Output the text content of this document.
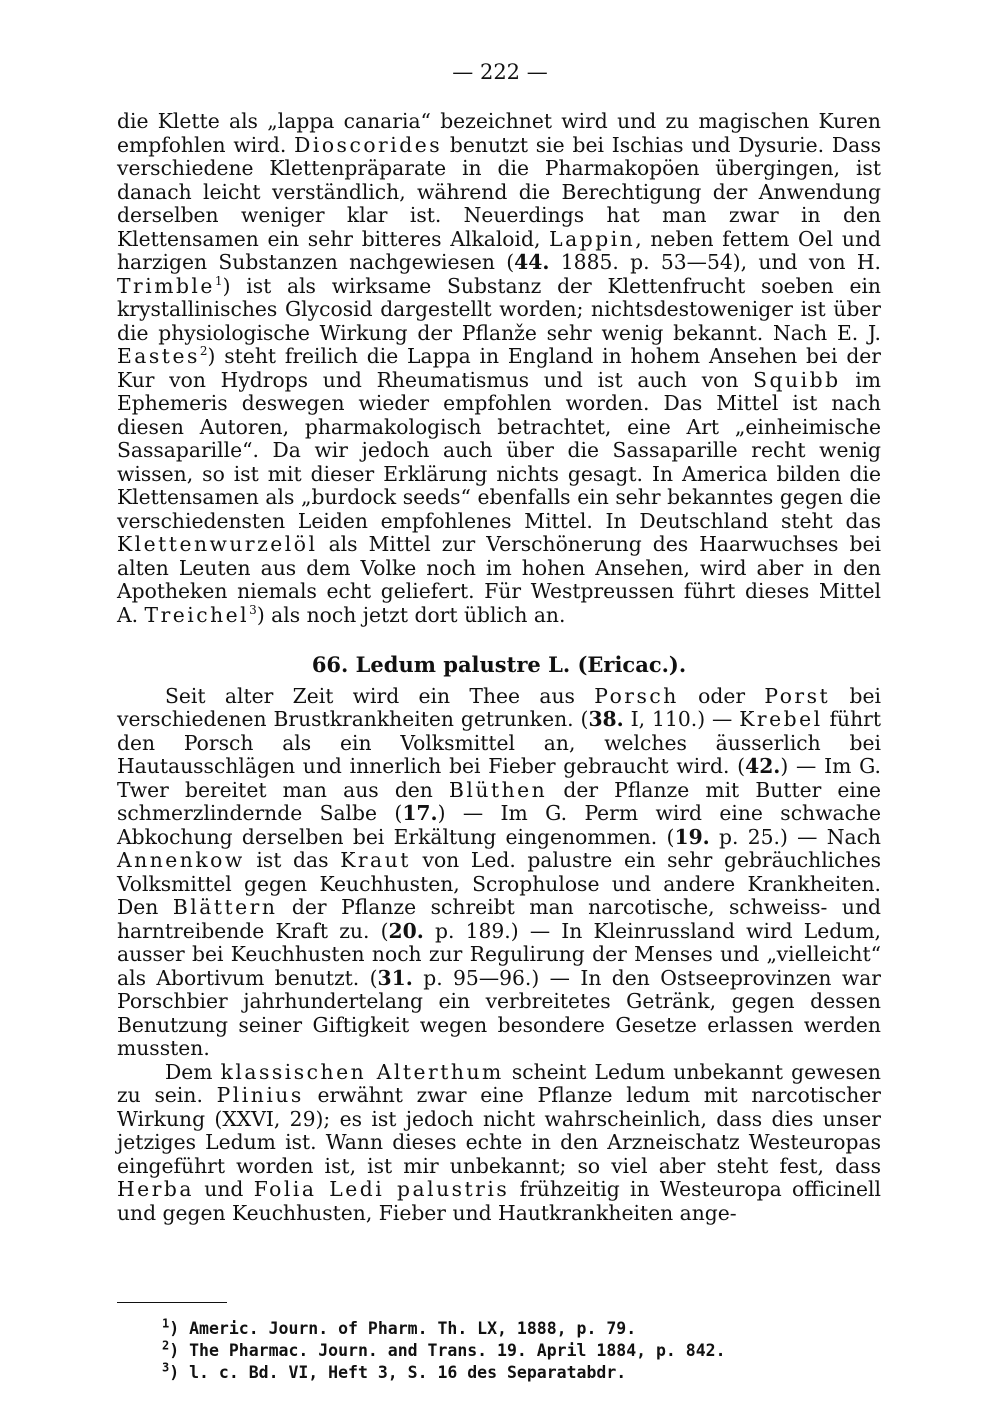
— 222 —

die Klette als „lappa canaria“ bezeichnet wird und zu magischen Kuren empfohlen wird. Dioscorides benutzt sie bei Ischias und Dysurie. Dass verschiedene Klettenpräparate in die Pharmakopöen übergingen, ist danach leicht verständlich, während die Berechtigung der Anwendung derselben weniger klar ist. Neuerdings hat man zwar in den Klettensamen ein sehr bitteres Alkaloid, Lappin, neben fettem Oel und harzigen Substanzen nachgewiesen (44. 1885. p. 53—54), und von H. Trimble$^1$) ist als wirksame Substanz der Klettenfrucht soeben ein krystallinisches Glycosid dargestellt worden; nichtsdestoweniger ist über die physiologische Wirkung der Pflanže sehr wenig bekannt. Nach E. J. Eastes$^2$) steht freilich die Lappa in England in hohem Ansehen bei der Kur von Hydrops und Rheumatismus und ist auch von Squibb im Ephemeris deswegen wieder empfohlen worden. Das Mittel ist nach diesen Autoren, pharmakologisch betrachtet, eine Art „einheimische Sassaparille“. Da wir jedoch auch über die Sassaparille recht wenig wissen, so ist mit dieser Erklärung nichts gesagt. In America bilden die Klettensamen als „burdock seeds“ ebenfalls ein sehr bekanntes gegen die verschiedensten Leiden empfohlenes Mittel. In Deutschland steht das Klettenwurzelöl als Mittel zur Verschönerung des Haarwuchses bei alten Leuten aus dem Volke noch im hohen Ansehen, wird aber in den Apotheken niemals echt geliefert. Für Westpreussen führt dieses Mittel A. Treichel$^3$) als noch jetzt dort üblich an.

66. Ledum palustre L. (Ericac.).

Seit alter Zeit wird ein Thee aus Porsch oder Porst bei verschiedenen Brustkrankheiten getrunken. (38. I, 110.) — Krebel führt den Porsch als ein Volksmittel an, welches äusserlich bei Hautausschlägen und innerlich bei Fieber gebraucht wird. (42.) — Im G. Twer bereitet man aus den Blüthen der Pflanze mit Butter eine schmerzlindernde Salbe (17.) — Im G. Perm wird eine schwache Abkochung derselben bei Erkältung eingenommen. (19. p. 25.) — Nach Annenkow ist das Kraut von Led. palustre ein sehr gebräuchliches Volksmittel gegen Keuchhusten, Scrophulose und andere Krankheiten. Den Blättern der Pflanze schreibt man narcotische, schweiss- und harntreibende Kraft zu. (20. p. 189.) — In Kleinrussland wird Ledum, ausser bei Keuchhusten noch zur Regulirung der Menses und „vielleicht“ als Abortivum benutzt. (31. p. 95—96.) — In den Ostseeprovinzen war Porschbier jahrhundertelang ein verbreitetes Getränk, gegen dessen Benutzung seiner Giftigkeit wegen besondere Gesetze erlassen werden mussten.

Dem klassischen Alterthum scheint Ledum unbekannt gewesen zu sein. Plinius erwähnt zwar eine Pflanze ledum mit narcotischer Wirkung (XXVI, 29); es ist jedoch nicht wahrscheinlich, dass dies unser jetziges Ledum ist. Wann dieses echte in den Arzneischatz Westeuropas eingeführt worden ist, ist mir unbekannt; so viel aber steht fest, dass Herba und Folia Ledi palustris frühzeitig in Westeuropa officinell und gegen Keuchhusten, Fieber und Hautkrankheiten ange-

$^1$) Americ. Journ. of Pharm. Th. LX, 1888, p. 79.
$^2$) The Pharmac. Journ. and Trans. 19. April 1884, p. 842.
$^3$) l. c. Bd. VI, Heft 3, S. 16 des Separatabdr.
